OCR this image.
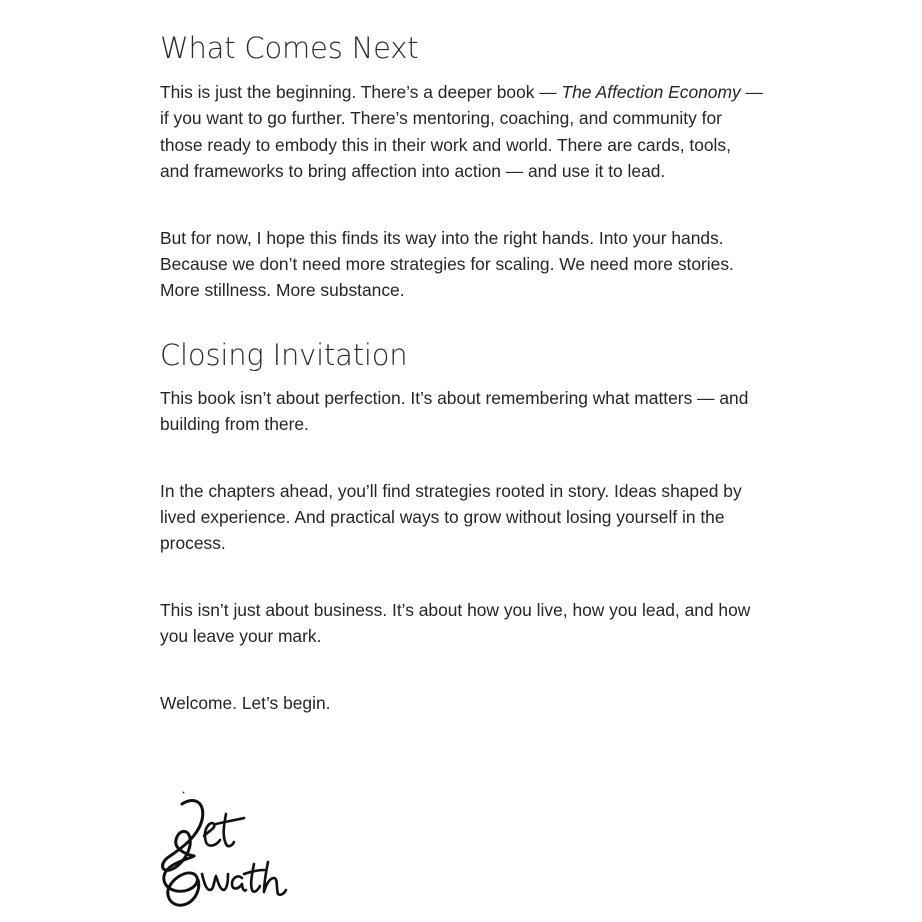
What Comes Next

This is just the beginning. There’s a deeper book — The Affection Economy — if you want to go further. There’s mentoring, coaching, and community for those ready to embody this in their work and world. There are cards, tools, and frameworks to bring affection into action — and use it to lead.

But for now, I hope this finds its way into the right hands. Into your hands. Because we don’t need more strategies for scaling. We need more stories. More stillness. More substance.

Closing Invitation

This book isn’t about perfection. It’s about remembering what matters — and building from there.

In the chapters ahead, you’ll find strategies rooted in story. Ideas shaped by lived experience. And practical ways to grow without losing yourself in the process.

This isn’t just about business. It’s about how you live, how you lead, and how you leave your mark.

Welcome. Let’s begin.
